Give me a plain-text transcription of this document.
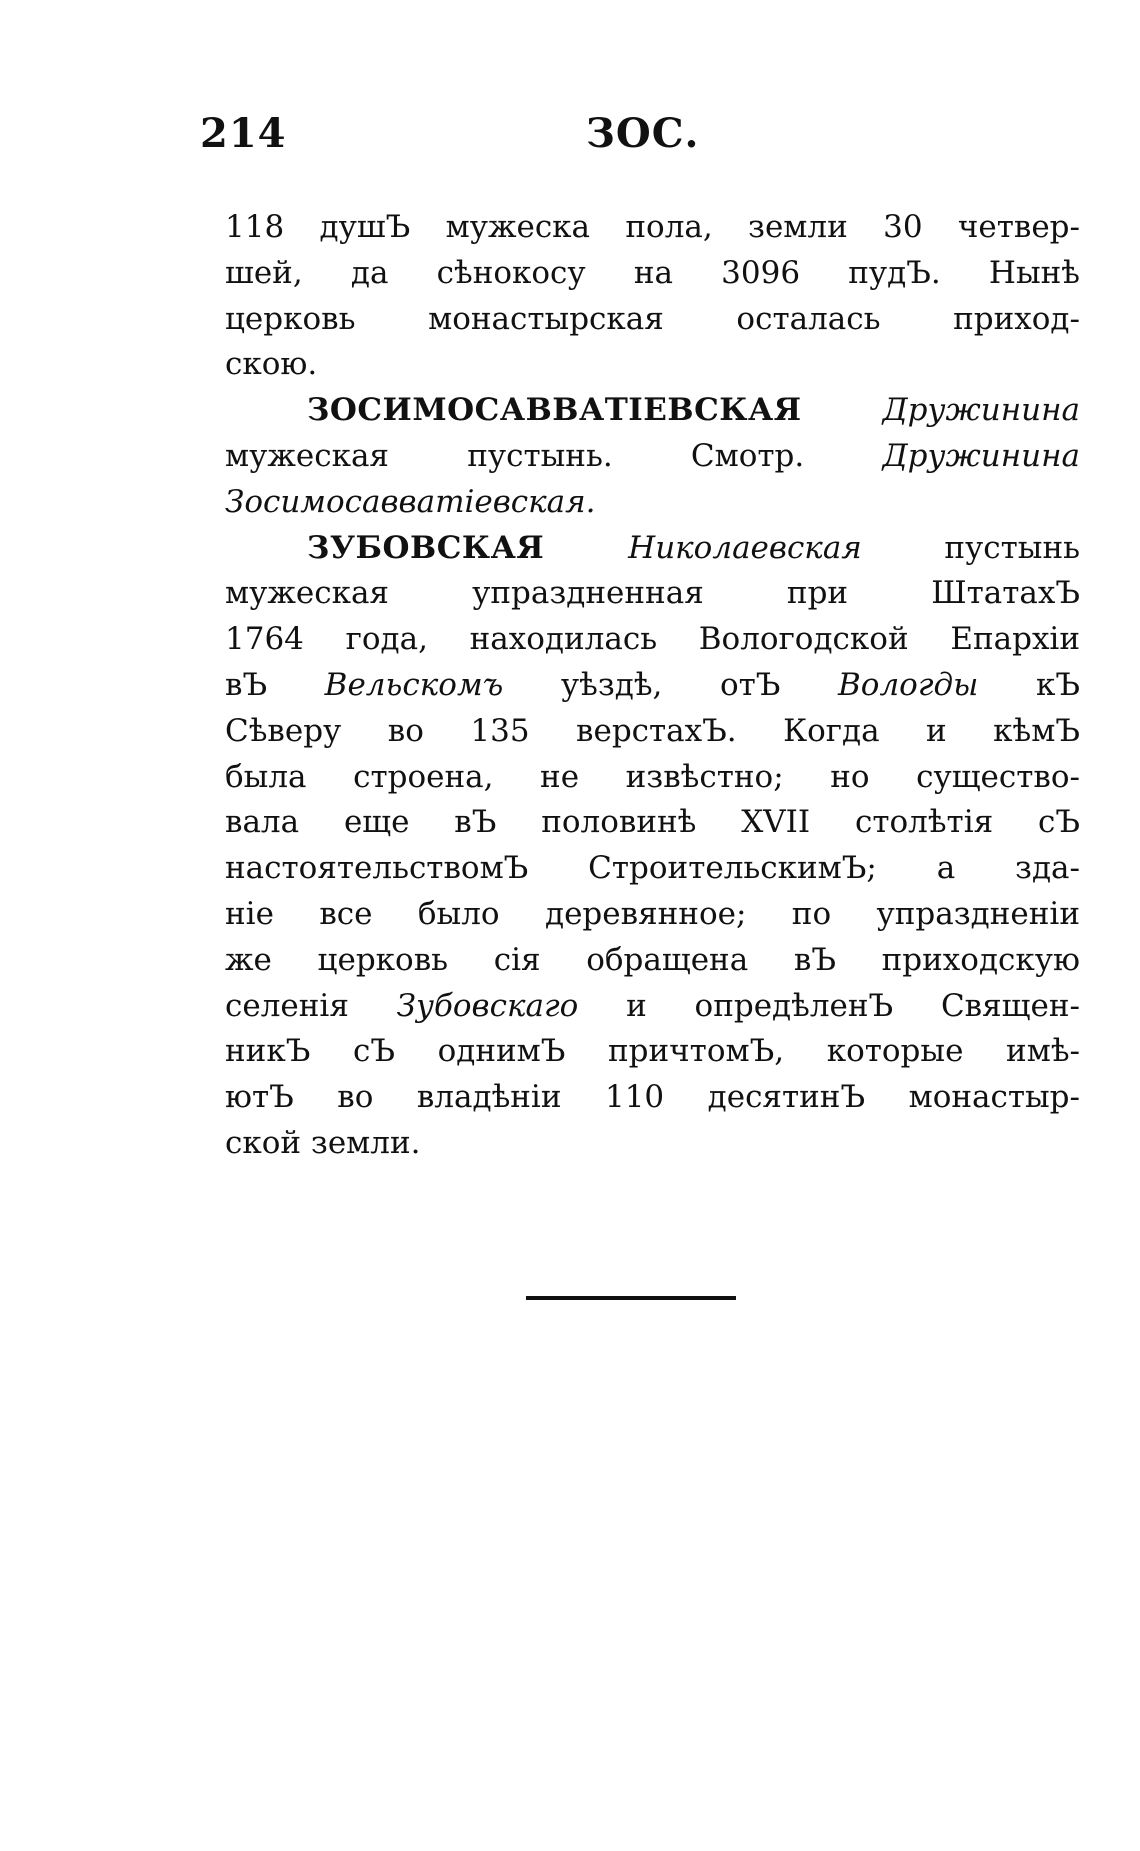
214	ЗОС.
118 душЪ мужеска пола, земли 30 четвер-
шей, да сѣнокосу на 3096 пудЪ. Нынѣ
церковь монастырская осталась приход-
скою.
ЗОСИМОСАВВАТІЕВСКАЯ Дружинина
мужеская пустынь. Смотр. Дружинина
Зосимосавватіевская.
ЗУБОВСКАЯ Николаевская пустынь
мужеская упраздненная при ШтатахЪ
1764 года, находилась Вологодской Епархіи
вЪ Вельскомъ уѣздѣ, отЪ Вологды кЪ
Сѣверу во 135 верстахЪ. Когда и кѣмЪ
была строена, не извѣстно; но существо-
вала еще вЪ половинѣ XVII столѣтія сЪ
настоятельствомЪ СтроительскимЪ; а зда-
ніе все было деревянное; по упраздненіи
же церковь сія обращена вЪ приходскую
селенія Зубовскаго и опредѣленЪ Священ-
никЪ сЪ однимЪ причтомЪ, которые имѣ-
ютЪ во владѣніи 110 десятинЪ монастыр-
ской земли.
